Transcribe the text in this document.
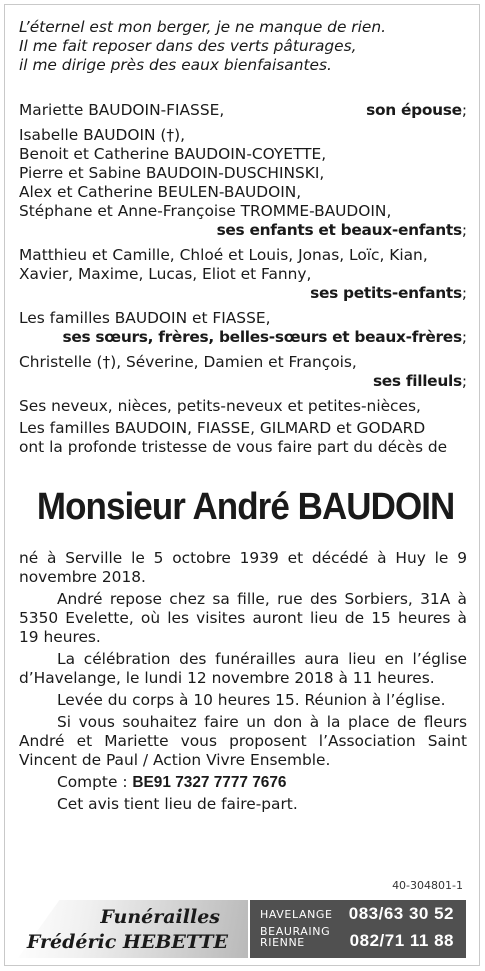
L’éternel est mon berger, je ne manque de rien.
Il me fait reposer dans des verts pâturages,
il me dirige près des eaux bienfaisantes.
Mariette BAUDOIN-FIASSE,	son épouse;
Isabelle BAUDOIN (†),
Benoit et Catherine BAUDOIN-COYETTE,
Pierre et Sabine BAUDOIN-DUSCHINSKI,
Alex et Catherine BEULEN-BAUDOIN,
Stéphane et Anne-Françoise TROMME-BAUDOIN,
ses enfants et beaux-enfants;
Matthieu et Camille, Chloé et Louis, Jonas, Loïc, Kian,
Xavier, Maxime, Lucas, Eliot et Fanny,
ses petits-enfants;
Les familles BAUDOIN et FIASSE,
ses sœurs, frères, belles-sœurs et beaux-frères;
Christelle (†), Séverine, Damien et François,
ses filleuls;
Ses neveux, nièces, petits-neveux et petites-nièces,
Les familles BAUDOIN, FIASSE, GILMARD et GODARD
ont la profonde tristesse de vous faire part du décès de
Monsieur André BAUDOIN
né à Serville le 5 octobre 1939 et décédé à Huy le 9 novembre 2018.
André repose chez sa fille, rue des Sorbiers, 31A à 5350 Evelette, où les visites auront lieu de 15 heures à 19 heures.
La célébration des funérailles aura lieu en l’église d’Havelange, le lundi 12 novembre 2018 à 11 heures.
Levée du corps à 10 heures 15. Réunion à l’église.
Si vous souhaitez faire un don à la place de fleurs André et Mariette vous proposent l’Association Saint Vincent de Paul / Action Vivre Ensemble.
Compte : BE91 7327 7777 7676
Cet avis tient lieu de faire-part.
40-304801-1
Funérailles
Frédéric HEBETTE
HAVELANGE 083/63 30 52
BEAURAING
RIENNE	082/71 11 88
